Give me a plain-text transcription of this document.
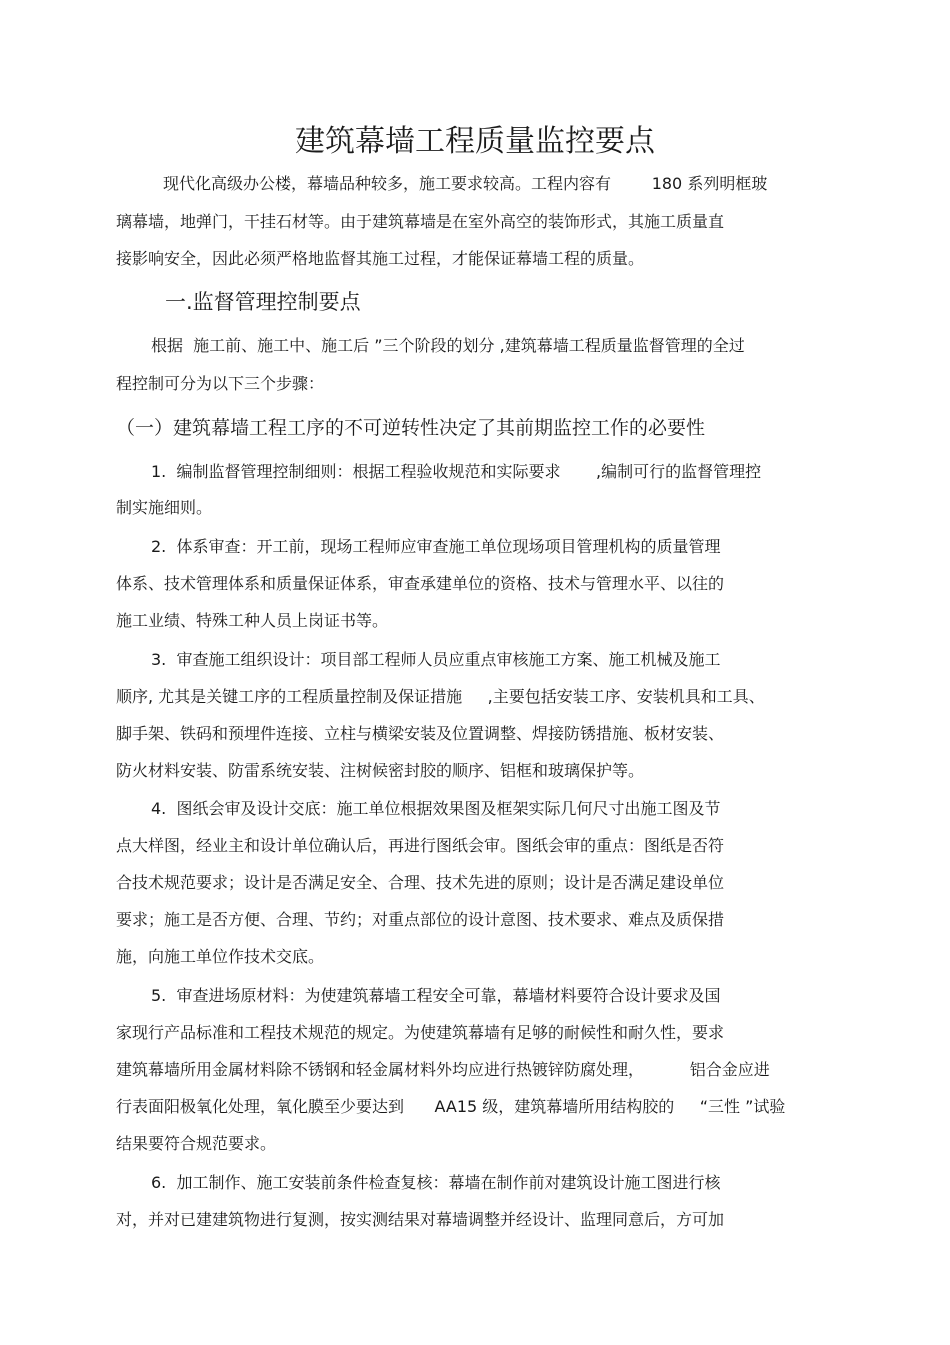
建筑幕墙工程质量监控要点
现代化高级办公楼，幕墙品种较多，施工要求较高。工程内容有        180 系列明框玻
璃幕墙，地弹门，干挂石材等。由于建筑幕墙是在室外高空的装饰形式，其施工质量直
接影响安全，因此必须严格地监督其施工过程，才能保证幕墙工程的质量。
一.监督管理控制要点
根据  施工前、施工中、施工后 ”三个阶段的划分 ,建筑幕墙工程质量监督管理的全过
程控制可分为以下三个步骤：
（一）建筑幕墙工程工序的不可逆转性决定了其前期监控工作的必要性
1.  编制监督管理控制细则：根据工程验收规范和实际要求       ,编制可行的监督管理控
制实施细则。
2.  体系审查：开工前，现场工程师应审查施工单位现场项目管理机构的质量管理
体系、技术管理体系和质量保证体系，审查承建单位的资格、技术与管理水平、以往的
施工业绩、特殊工种人员上岗证书等。
3.  审查施工组织设计：项目部工程师人员应重点审核施工方案、施工机械及施工
顺序, 尤其是关键工序的工程质量控制及保证措施     ,主要包括安装工序、安装机具和工具、
脚手架、铁码和预埋件连接、立柱与横梁安装及位置调整、焊接防锈措施、板材安装、
防火材料安装、防雷系统安装、注树候密封胶的顺序、铝框和玻璃保护等。
4.  图纸会审及设计交底：施工单位根据效果图及框架实际几何尺寸出施工图及节
点大样图，经业主和设计单位确认后，再进行图纸会审。图纸会审的重点：图纸是否符
合技术规范要求；设计是否满足安全、合理、技术先进的原则；设计是否满足建设单位
要求；施工是否方便、合理、节约；对重点部位的设计意图、技术要求、难点及质保措
施，向施工单位作技术交底。
5.  审查进场原材料：为使建筑幕墙工程安全可靠，幕墙材料要符合设计要求及国
家现行产品标准和工程技术规范的规定。为使建筑幕墙有足够的耐候性和耐久性，要求
建筑幕墙所用金属材料除不锈钢和轻金属材料外均应进行热镀锌防腐处理，         铝合金应进
行表面阳极氧化处理，氧化膜至少要达到      AA15 级，建筑幕墙所用结构胶的     “三性 ”试验
结果要符合规范要求。
6.  加工制作、施工安装前条件检查复核：幕墙在制作前对建筑设计施工图进行核
对，并对已建建筑物进行复测，按实测结果对幕墙调整并经设计、监理同意后，方可加
